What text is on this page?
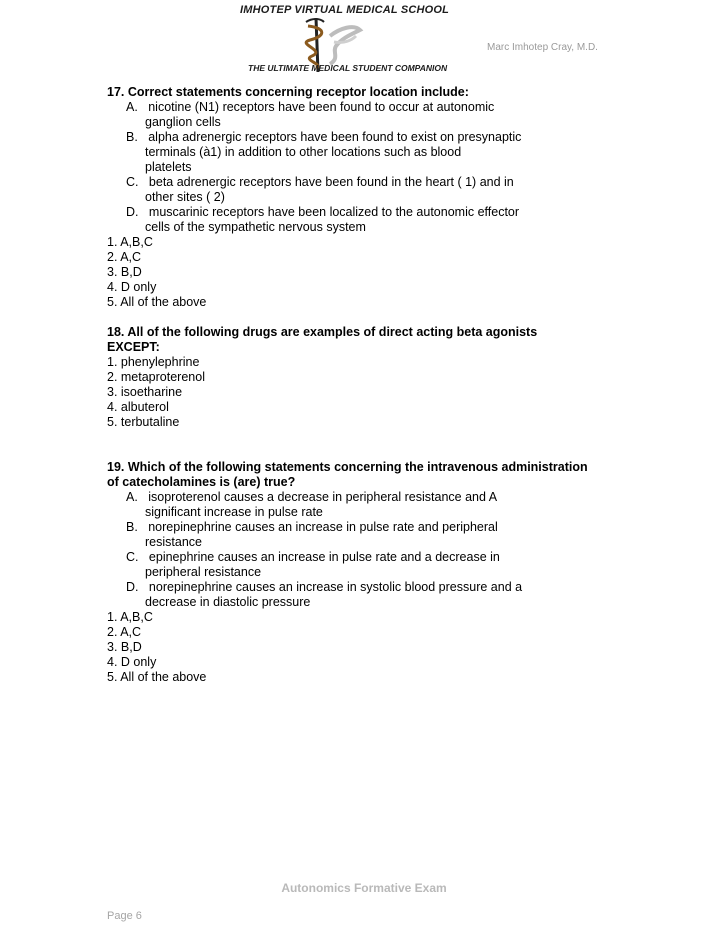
IMHOTEP VIRTUAL MEDICAL SCHOOL
THE ULTIMATE MEDICAL STUDENT COMPANION
Marc Imhotep Cray, M.D.
17. Correct statements concerning receptor location include:
A. nicotine (N1) receptors have been found to occur at autonomic
ganglion cells
B. alpha adrenergic receptors have been found to exist on presynaptic
terminals (à1) in addition to other locations such as blood
platelets
C. beta adrenergic receptors have been found in the heart ( 1) and in
other sites ( 2)
D. muscarinic receptors have been localized to the autonomic effector
cells of the sympathetic nervous system
1. A,B,C
2. A,C
3. B,D
4. D only
5. All of the above
18. All of the following drugs are examples of direct acting beta agonists
EXCEPT:
1. phenylephrine
2. metaproterenol
3. isoetharine
4. albuterol
5. terbutaline
19. Which of the following statements concerning the intravenous administration
of catecholamines is (are) true?
A. isoproterenol causes a decrease in peripheral resistance and A
significant increase in pulse rate
B. norepinephrine causes an increase in pulse rate and peripheral
resistance
C. epinephrine causes an increase in pulse rate and a decrease in
peripheral resistance
D. norepinephrine causes an increase in systolic blood pressure and a
decrease in diastolic pressure
1. A,B,C
2. A,C
3. B,D
4. D only
5. All of the above
Autonomics Formative Exam
Page 6
